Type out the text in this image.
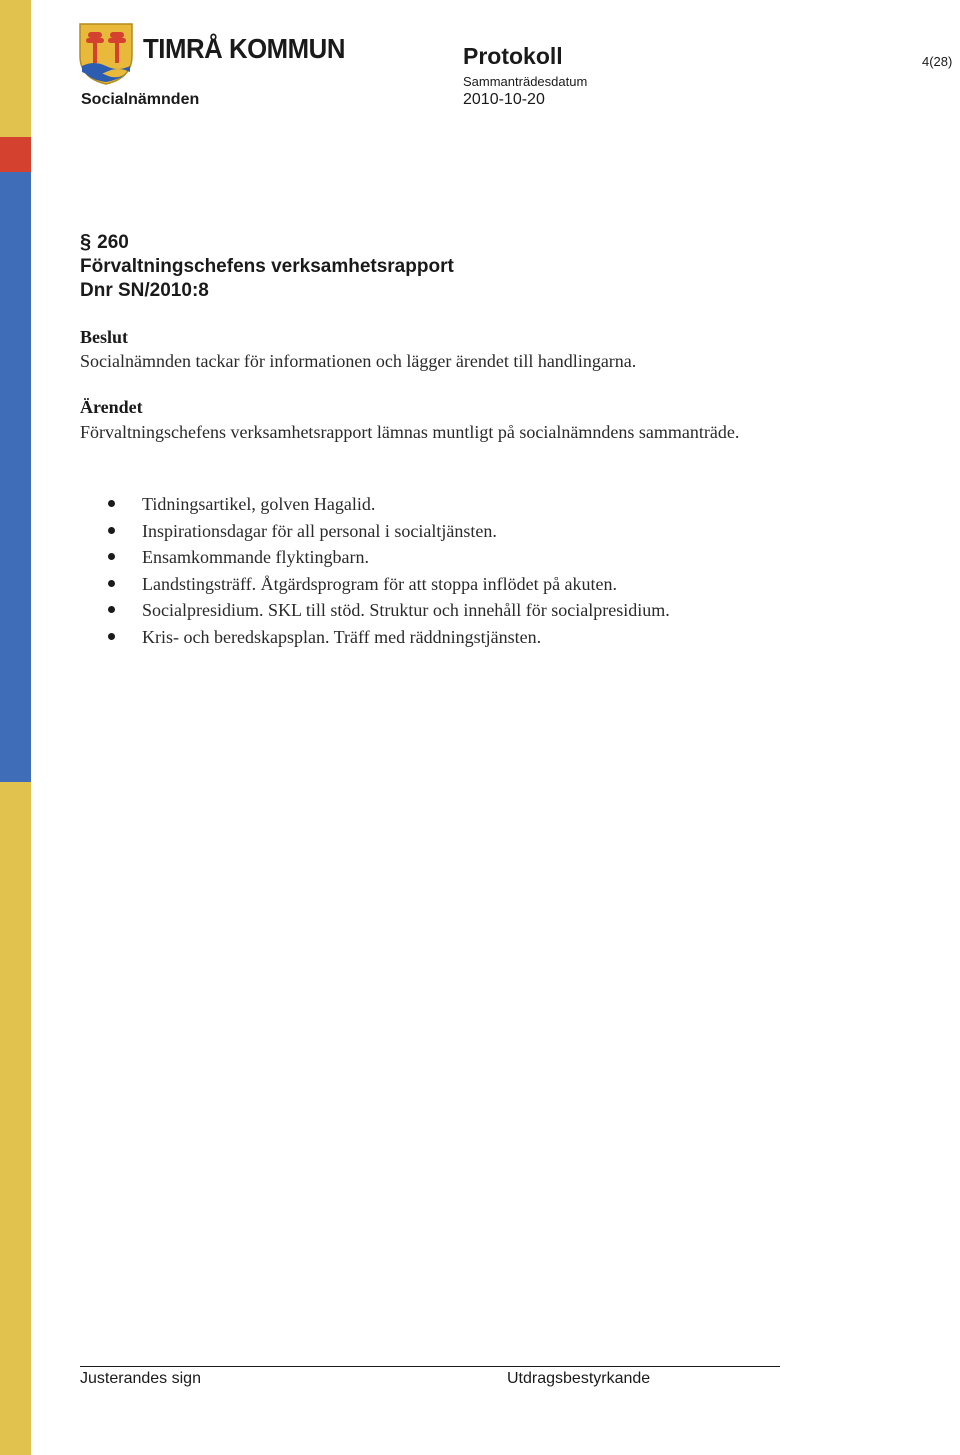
TIMRÅ KOMMUN
Socialnämnden
Protokoll
Sammanträdesdatum
2010-10-20
4(28)
§ 260
Förvaltningschefens verksamhetsrapport
Dnr SN/2010:8
Beslut
Socialnämnden tackar för informationen och lägger ärendet till handlingarna.
Ärendet
Förvaltningschefens verksamhetsrapport lämnas muntligt på socialnämndens sammanträde.
Tidningsartikel, golven Hagalid.
Inspirationsdagar för all personal i socialtjänsten.
Ensamkommande flyktingbarn.
Landstingsträff. Åtgärdsprogram för att stoppa inflödet på akuten.
Socialpresidium. SKL till stöd. Struktur och innehåll för socialpresidium.
Kris- och beredskapsplan. Träff med räddningstjänsten.
Justerandes sign	Utdragsbestyrkande
